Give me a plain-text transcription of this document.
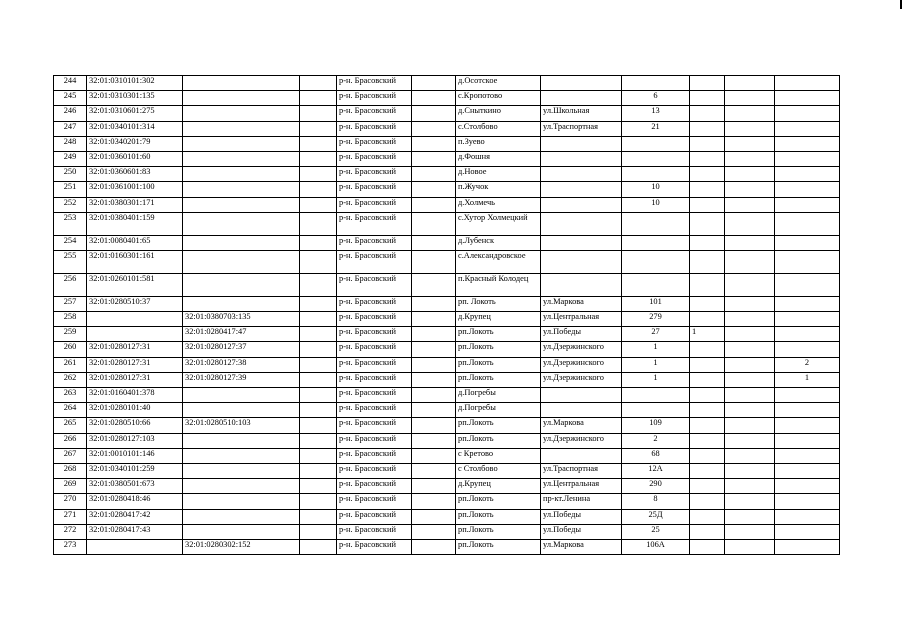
244	32:01:0310101:302			р-н. Брасовский		д.Осотское					
245	32:01:0310301:135			р-н. Брасовский		с.Кропотово		6			
246	32:01:0310601:275			р-н. Брасовский		д.Сныткино	ул.Школьная	13			
247	32:01:0340101:314			р-н. Брасовский		с.Столбово	ул.Траспортная	21			
248	32:01:0340201:79			р-н. Брасовский		п.Зуево					
249	32:01:0360101:60			р-н. Брасовский		д.Фошня					
250	32:01:0360601:83			р-н. Брасовский		д.Новое					
251	32:01:0361001:100			р-н. Брасовский		п.Жучок		10			
252	32:01:0380301:171			р-н. Брасовский		д.Холмечь		10			
253	32:01:0380401:159			р-н. Брасовский		с.Хутор Холмецкий					
254	32:01:0080401:65			р-н. Брасовский		д.Лубенск					
255	32:01:0160301:161			р-н. Брасовский		с.Александровское					
256	32:01:0260101:581			р-н. Брасовский		п.Красный Колодец					
257	32:01:0280510:37			р-н. Брасовский		рп. Локоть	ул.Маркова	101			
258		32:01:0380703:135		р-н. Брасовский		д.Крупец	ул.Центральная	279			
259		32:01:0280417:47		р-н. Брасовский		рп.Локоть	ул.Победы	27	1		
260	32:01:0280127:31	32:01:0280127:37		р-н. Брасовский		рп.Локоть	ул.Дзержинского	1			
261	32:01:0280127:31	32:01:0280127:38		р-н. Брасовский		рп.Локоть	ул.Дзержинского	1			2
262	32:01:0280127:31	32:01:0280127:39		р-н. Брасовский		рп.Локоть	ул.Дзержинского	1			1
263	32:01:0160401:378			р-н. Брасовский		д.Погребы					
264	32:01:0280101:40			р-н. Брасовский		д.Погребы					
265	32:01:0280510:66	32:01:0280510:103		р-н. Брасовский		рп.Локоть	ул.Маркова	109			
266	32:01:0280127:103			р-н. Брасовский		рп.Локоть	ул.Дзержинского	2			
267	32:01:0010101:146			р-н. Брасовский		с Кретово		68			
268	32:01:0340101:259			р-н. Брасовский		с Столбово	ул.Траспортная	12А			
269	32:01:0380501:673			р-н. Брасовский		д.Крупец	ул.Центральная	290			
270	32:01:0280418:46			р-н. Брасовский		рп.Локоть	пр-кт.Ленина	8			
271	32:01:0280417:42			р-н. Брасовский		рп.Локоть	ул.Победы	25Д			
272	32:01:0280417:43			р-н. Брасовский		рп.Локоть	ул.Победы	25			
273		32:01:0280302:152		р-н. Брасовский		рп.Локоть	ул.Маркова	106А			
